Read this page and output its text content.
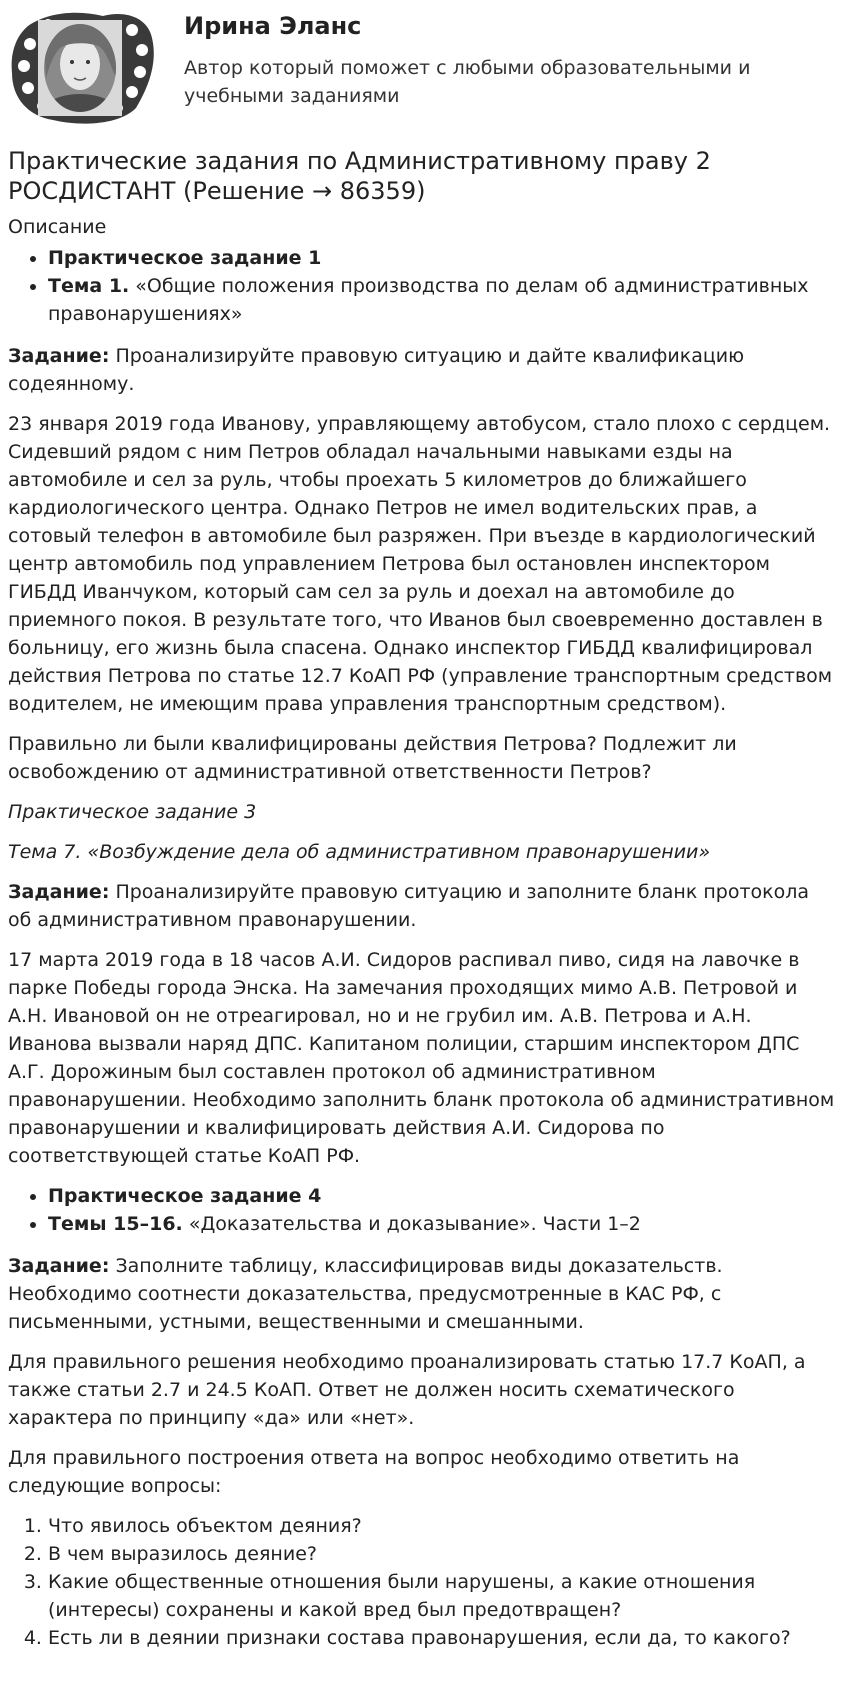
Ирина Эланс

Автор который поможет с любыми образовательными и учебными заданиями

Практические задания по Административному праву 2 РОСДИСТАНТ (Решение → 86359)

Описание

• Практическое задание 1
• Тема 1. «Общие положения производства по делам об административных правонарушениях»

Задание: Проанализируйте правовую ситуацию и дайте квалификацию содеянному.

23 января 2019 года Иванову, управляющему автобусом, стало плохо с сердцем. Сидевший рядом с ним Петров обладал начальными навыками езды на автомобиле и сел за руль, чтобы проехать 5 километров до ближайшего кардиологического центра. Однако Петров не имел водительских прав, а сотовый телефон в автомобиле был разряжен. При въезде в кардиологический центр автомобиль под управлением Петрова был остановлен инспектором ГИБДД Иванчуком, который сам сел за руль и доехал на автомобиле до приемного покоя. В результате того, что Иванов был своевременно доставлен в больницу, его жизнь была спасена. Однако инспектор ГИБДД квалифицировал действия Петрова по статье 12.7 КоАП РФ (управление транспортным средством водителем, не имеющим права управления транспортным средством).

Правильно ли были квалифицированы действия Петрова? Подлежит ли освобождению от административной ответственности Петров?

Практическое задание 3

Тема 7. «Возбуждение дела об административном правонарушении»

Задание: Проанализируйте правовую ситуацию и заполните бланк протокола об административном правонарушении.

17 марта 2019 года в 18 часов А.И. Сидоров распивал пиво, сидя на лавочке в парке Победы города Энска. На замечания проходящих мимо А.В. Петровой и А.Н. Ивановой он не отреагировал, но и не грубил им. А.В. Петрова и А.Н. Иванова вызвали наряд ДПС. Капитаном полиции, старшим инспектором ДПС А.Г. Дорожиным был составлен протокол об административном правонарушении. Необходимо заполнить бланк протокола об административном правонарушении и квалифицировать действия А.И. Сидорова по соответствующей статье КоАП РФ.

• Практическое задание 4
• Темы 15–16. «Доказательства и доказывание». Части 1–2

Задание: Заполните таблицу, классифицировав виды доказательств. Необходимо соотнести доказательства, предусмотренные в КАС РФ, с письменными, устными, вещественными и смешанными.

Для правильного решения необходимо проанализировать статью 17.7 КоАП, а также статьи 2.7 и 24.5 КоАП. Ответ не должен носить схематического характера по принципу «да» или «нет».

Для правильного построения ответа на вопрос необходимо ответить на следующие вопросы:

1. Что явилось объектом деяния?
2. В чем выразилось деяние?
3. Какие общественные отношения были нарушены, а какие отношения (интересы) сохранены и какой вред был предотвращен?
4. Есть ли в деянии признаки состава правонарушения, если да, то какого?
